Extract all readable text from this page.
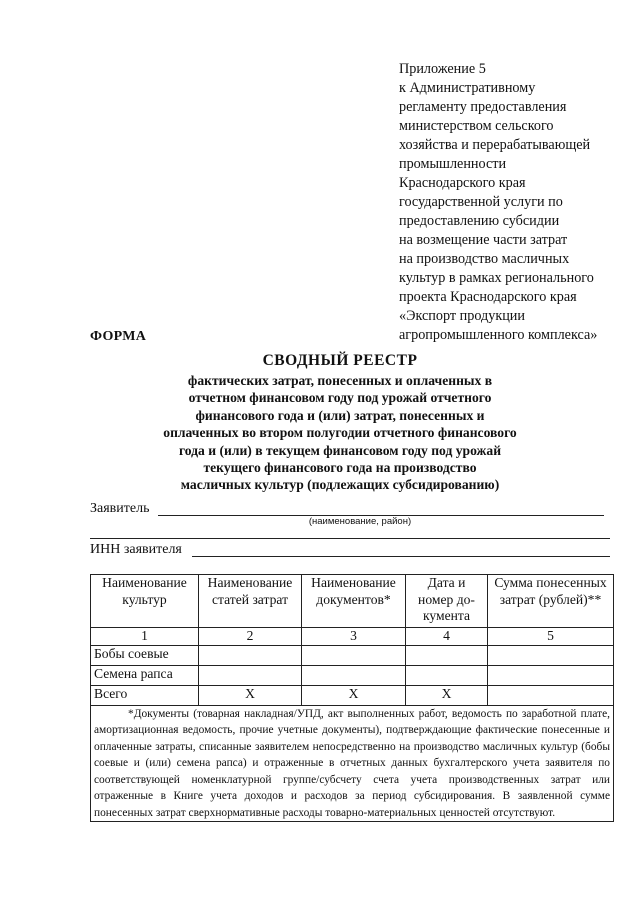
Приложение 5
к Административному
регламенту предоставления
министерством сельского
хозяйства и перерабатывающей
промышленности
Краснодарского края
государственной услуги по
предоставлению субсидии
на возмещение части затрат
на производство масличных
культур в рамках регионального
проекта Краснодарского края
«Экспорт продукции
агропромышленного комплекса»
ФОРМА
СВОДНЫЙ РЕЕСТР
фактических затрат, понесенных и оплаченных в
отчетном финансовом году под урожай отчетного
финансового года и (или) затрат, понесенных и
оплаченных во втором полугодии отчетного финансового
года и (или) в текущем финансовом году под урожай
текущего финансового года на производство
масличных культур (подлежащих субсидированию)
Заявитель
(наименование, район)
ИНН заявителя
Наименование культур	Наименование статей затрат	Наименование документов*	Дата и номер до-кумента	Сумма понесенных затрат (рублей)**
1	2	3	4	5
Бобы соевые				
Семена рапса				
Всего	Х	Х	Х	
*Документы (товарная накладная/УПД, акт выполненных работ, ведомость по заработной плате, амортизационная ведомость, прочие учетные документы), подтверждающие фактические понесенные и оплаченные затраты, списанные заявителем непосредственно на производство масличных культур (бобы соевые и (или) семена рапса) и отраженные в отчетных данных бухгалтерского учета заявителя по соответствующей номенклатурной группе/субсчету счета учета производственных затрат или отраженные в Книге учета доходов и расходов за период субсидирования. В заявленной сумме понесенных затрат сверхнормативные расходы товарно-материальных ценностей отсутствуют.				
